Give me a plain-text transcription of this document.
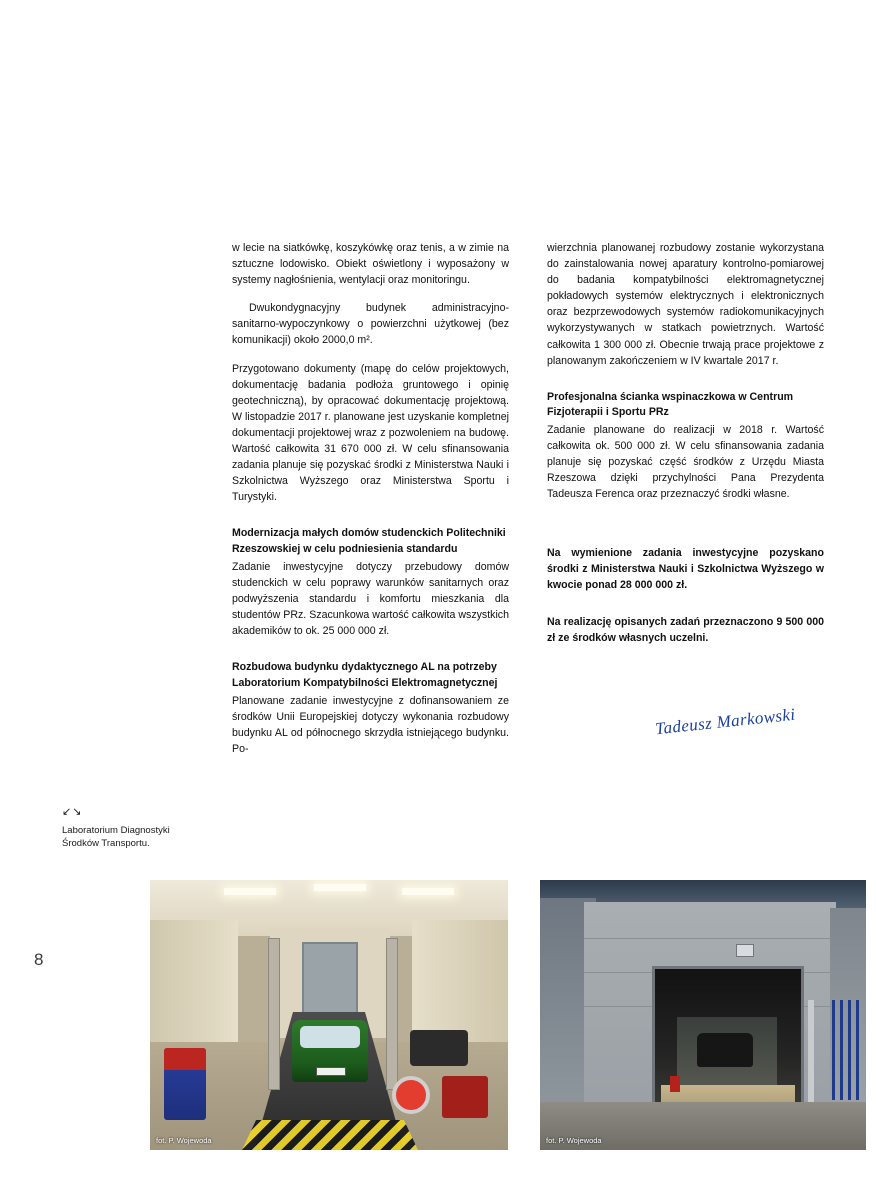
8
↙↘
Laboratorium Diagnostyki
Środków Transportu.

w lecie na siatkówkę, koszykówkę oraz tenis, a w zimie na sztuczne lodowisko. Obiekt oświetlony i wyposażony w systemy nagłośnienia, wentylacji oraz monitoringu.

Dwukondygnacyjny budynek administracyjno-sanitarno-wypoczynkowy o powierzchni użytkowej (bez komunikacji) około 2000,0 m².

Przygotowano dokumenty (mapę do celów projektowych, dokumentację badania podłoża gruntowego i opinię geotechniczną), by opracować dokumentację projektową. W listopadzie 2017 r. planowane jest uzyskanie kompletnej dokumentacji projektowej wraz z pozwoleniem na budowę. Wartość całkowita 31 670 000 zł. W celu sfinansowania zadania planuje się pozyskać środki z Ministerstwa Nauki i Szkolnictwa Wyższego oraz Ministerstwa Sportu i Turystyki.

Modernizacja małych domów studenckich Politechniki Rzeszowskiej w celu podniesienia standardu

Zadanie inwestycyjne dotyczy przebudowy domów studenckich w celu poprawy warunków sanitarnych oraz podwyższenia standardu i komfortu mieszkania dla studentów PRz. Szacunkowa wartość całkowita wszystkich akademików to ok. 25 000 000 zł.

Rozbudowa budynku dydaktycznego AL na potrzeby Laboratorium Kompatybilności Elektromagnetycznej

Planowane zadanie inwestycyjne z dofinansowaniem ze środków Unii Europejskiej dotyczy wykonania rozbudowy budynku AL od północnego skrzydła istniejącego budynku. Po-

wierzchnia planowanej rozbudowy zostanie wykorzystana do zainstalowania nowej aparatury kontrolno-pomiarowej do badania kompatybilności elektromagnetycznej pokładowych systemów elektrycznych i elektronicznych oraz bezprzewodowych systemów radiokomunikacyjnych wykorzystywanych w statkach powietrznych. Wartość całkowita 1 300 000 zł. Obecnie trwają prace projektowe z planowanym zakończeniem w IV kwartale 2017 r.

Profesjonalna ścianka wspinaczkowa w Centrum Fizjoterapii i Sportu PRz

Zadanie planowane do realizacji w 2018 r. Wartość całkowita ok. 500 000 zł. W celu sfinansowania zadania planuje się pozyskać część środków z Urzędu Miasta Rzeszowa dzięki przychylności Pana Prezydenta Tadeusza Ferenca oraz przeznaczyć środki własne.

Na wymienione zadania inwestycyjne pozyskano środki z Ministerstwa Nauki i Szkolnictwa Wyższego w kwocie ponad 28 000 000 zł.

Na realizację opisanych zadań przeznaczono 9 500 000 zł ze środków własnych uczelni.

Tadeusz Markowski
fot. P. Wojewoda	fot. P. Wojewoda
